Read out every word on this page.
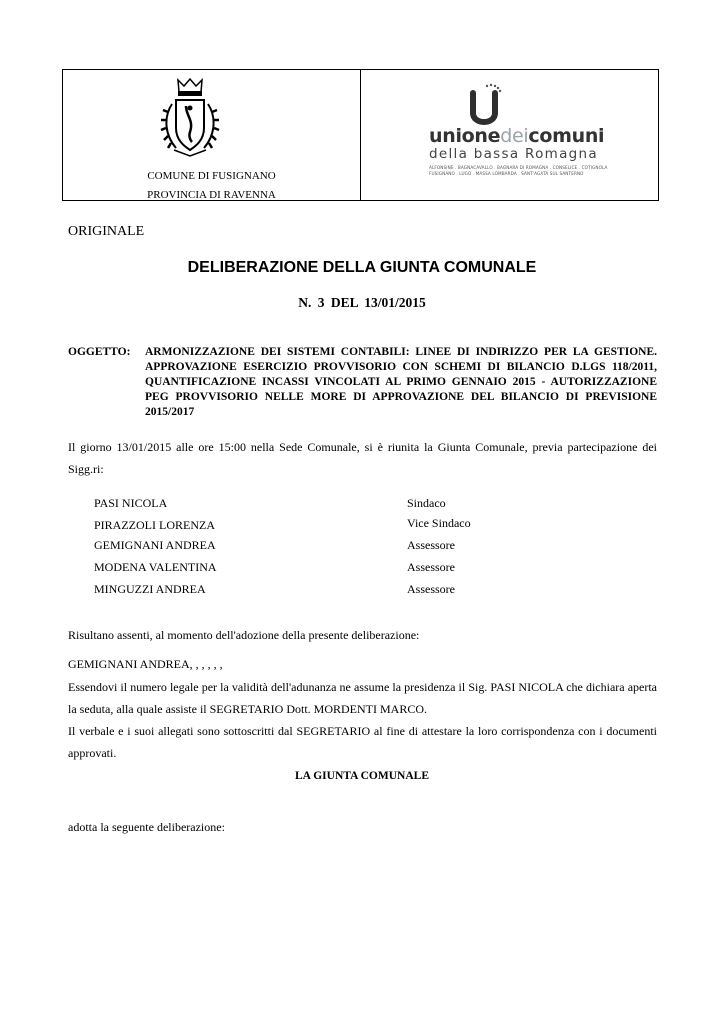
COMUNE DI FUSIGNANO
PROVINCIA DI RAVENNA
unionedeicomuni
della bassa Romagna
ALFONSINE . BAGNACAVALLO . BAGNARA DI ROMAGNA . CONSELICE . COTIGNOLA
FUSIGNANO . LUGO . MASSA LOMBARDA . SANT'AGATA SUL SANTERNO
ORIGINALE
DELIBERAZIONE DELLA GIUNTA COMUNALE
N. 3 DEL 13/01/2015
OGGETTO: ARMONIZZAZIONE DEI SISTEMI CONTABILI: LINEE DI INDIRIZZO PER LA GESTIONE. APPROVAZIONE ESERCIZIO PROVVISORIO CON SCHEMI DI BILANCIO D.LGS 118/2011, QUANTIFICAZIONE INCASSI VINCOLATI AL PRIMO GENNAIO 2015 - AUTORIZZAZIONE PEG PROVVISORIO NELLE MORE DI APPROVAZIONE DEL BILANCIO DI PREVISIONE 2015/2017
Il giorno 13/01/2015 alle ore 15:00 nella Sede Comunale, si è riunita la Giunta Comunale, previa partecipazione dei Sigg.ri:
PASI NICOLA	Sindaco
PIRAZZOLI LORENZA	Vice Sindaco
GEMIGNANI ANDREA	Assessore
MODENA VALENTINA	Assessore
MINGUZZI ANDREA	Assessore
Risultano assenti, al momento dell'adozione della presente deliberazione:
GEMIGNANI ANDREA, , , , , ,
Essendovi il numero legale per la validità dell'adunanza ne assume la presidenza il Sig. PASI NICOLA che dichiara aperta la seduta, alla quale assiste il SEGRETARIO Dott. MORDENTI MARCO.
Il verbale e i suoi allegati sono sottoscritti dal SEGRETARIO al fine di attestare la loro corrispondenza con i documenti approvati.
LA GIUNTA COMUNALE
adotta la seguente deliberazione:
